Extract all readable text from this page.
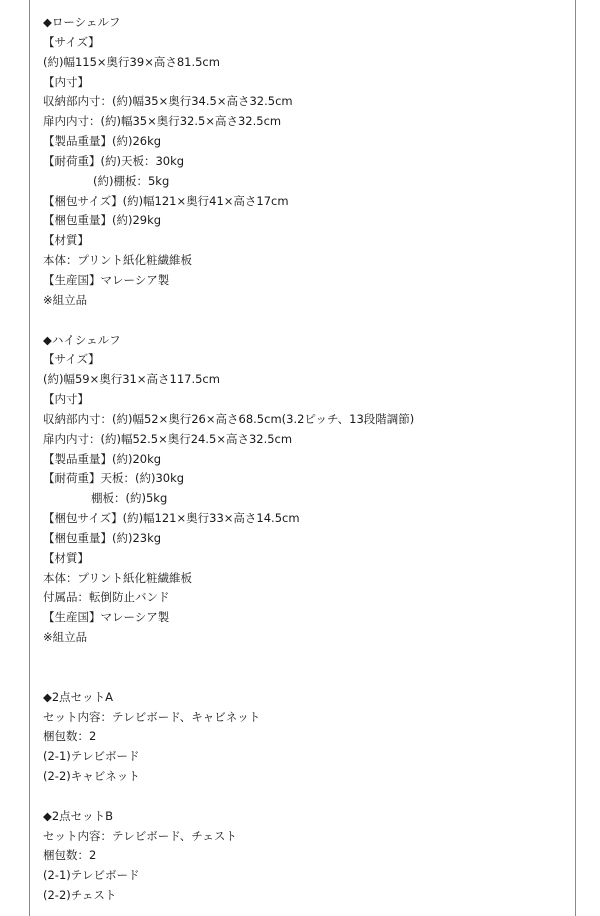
◆ローシェルフ
【サイズ】
(約)幅115×奥行39×高さ81.5cm
【内寸】
収納部内寸：(約)幅35×奥行34.5×高さ32.5cm
扉内内寸：(約)幅35×奥行32.5×高さ32.5cm
【製品重量】(約)26kg
【耐荷重】(約)天板：30kg
(約)棚板：5kg
【梱包サイズ】(約)幅121×奥行41×高さ17cm
【梱包重量】(約)29kg
【材質】
本体：プリント紙化粧繊維板
【生産国】マレーシア製
※組立品
◆ハイシェルフ
【サイズ】
(約)幅59×奥行31×高さ117.5cm
【内寸】
収納部内寸：(約)幅52×奥行26×高さ68.5cm(3.2ピッチ、13段階調節)
扉内内寸：(約)幅52.5×奥行24.5×高さ32.5cm
【製品重量】(約)20kg
【耐荷重】天板：(約)30kg
棚板：(約)5kg
【梱包サイズ】(約)幅121×奥行33×高さ14.5cm
【梱包重量】(約)23kg
【材質】
本体：プリント紙化粧繊維板
付属品：転倒防止バンド
【生産国】マレーシア製
※組立品
◆2点セットA
セット内容：テレビボード、キャビネット
梱包数：2
(2-1)テレビボード
(2-2)キャビネット
◆2点セットB
セット内容：テレビボード、チェスト
梱包数：2
(2-1)テレビボード
(2-2)チェスト
